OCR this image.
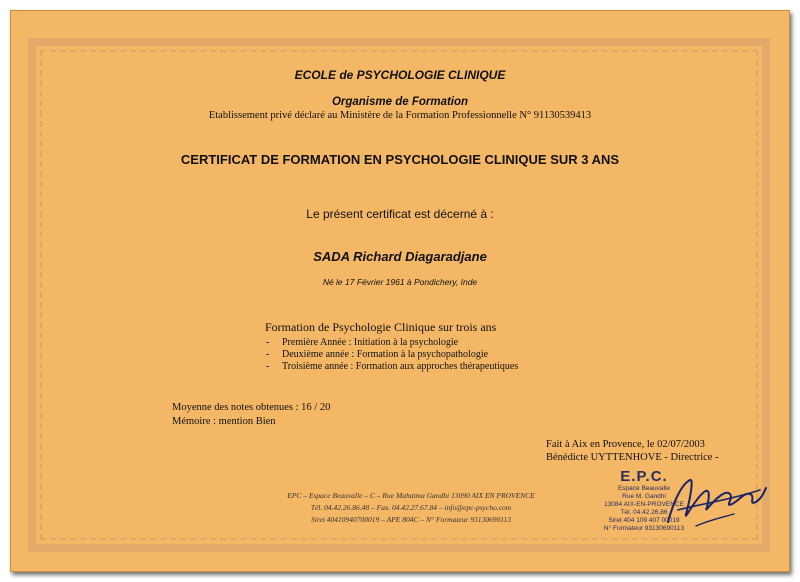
ECOLE de PSYCHOLOGIE CLINIQUE
Organisme de Formation
Etablissement privé déclaré au Ministère de la Formation Professionnelle N° 91130539413
CERTIFICAT DE FORMATION EN PSYCHOLOGIE CLINIQUE SUR 3 ANS
Le présent certificat est décerné à :
SADA Richard Diagaradjane
Né le 17 Février 1961 à Pondichery, Inde
Formation de Psychologie Clinique sur trois ans
- Première Année : Initiation à la psychologie
- Deuxième année : Formation à la psychopathologie
- Troisième année : Formation aux approches thérapeutiques
Moyenne des notes obtenues : 16 / 20
Mémoire : mention Bien
Fait à Aix en Provence, le 02/07/2003
Bénédicte UYTTENHOVE - Directrice -
EPC – Espace Beauvalle – C – Rue Mahatma Gandhi 13090 AIX EN PROVENCE
Tél. 04.42.26.86.48 – Fax. 04.42.27.67.84 – info@epc-psycho.com
Siret 40410940700019 – APE 804C – N° Formateur 93130690113
E.P.C.
Espace Beauvalle
Rue M. Gandhi
13084 AIX-EN-PROVENCE
Tél. 04.42.26.86
Siret 404 109 407 00019
N° Formateur 93130690113
